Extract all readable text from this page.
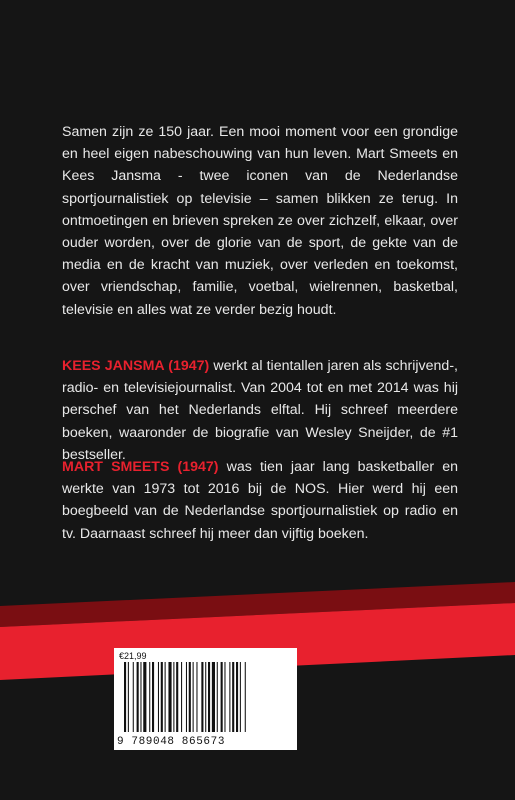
Samen zijn ze 150 jaar. Een mooi moment voor een grondige en heel eigen nabeschouwing van hun leven. Mart Smeets en Kees Jansma - twee iconen van de Nederlandse sportjournalistiek op televisie – samen blikken ze terug. In ontmoetingen en brieven spreken ze over zichzelf, elkaar, over ouder worden, over de glorie van de sport, de gekte van de media en de kracht van muziek, over verleden en toekomst, over vriendschap, familie, voetbal, wielrennen, basketbal, televisie en alles wat ze verder bezig houdt.
KEES JANSMA (1947) werkt al tientallen jaren als schrijvend-, radio- en televisiejournalist. Van 2004 tot en met 2014 was hij perschef van het Nederlands elftal. Hij schreef meerdere boeken, waaronder de biografie van Wesley Sneijder, de #1 bestseller.
MART SMEETS (1947) was tien jaar lang basketballer en werkte van 1973 tot 2016 bij de NOS. Hier werd hij een boegbeeld van de Nederlandse sportjournalistiek op radio en tv. Daarnaast schreef hij meer dan vijftig boeken.
€21,99
9 789048 865673
